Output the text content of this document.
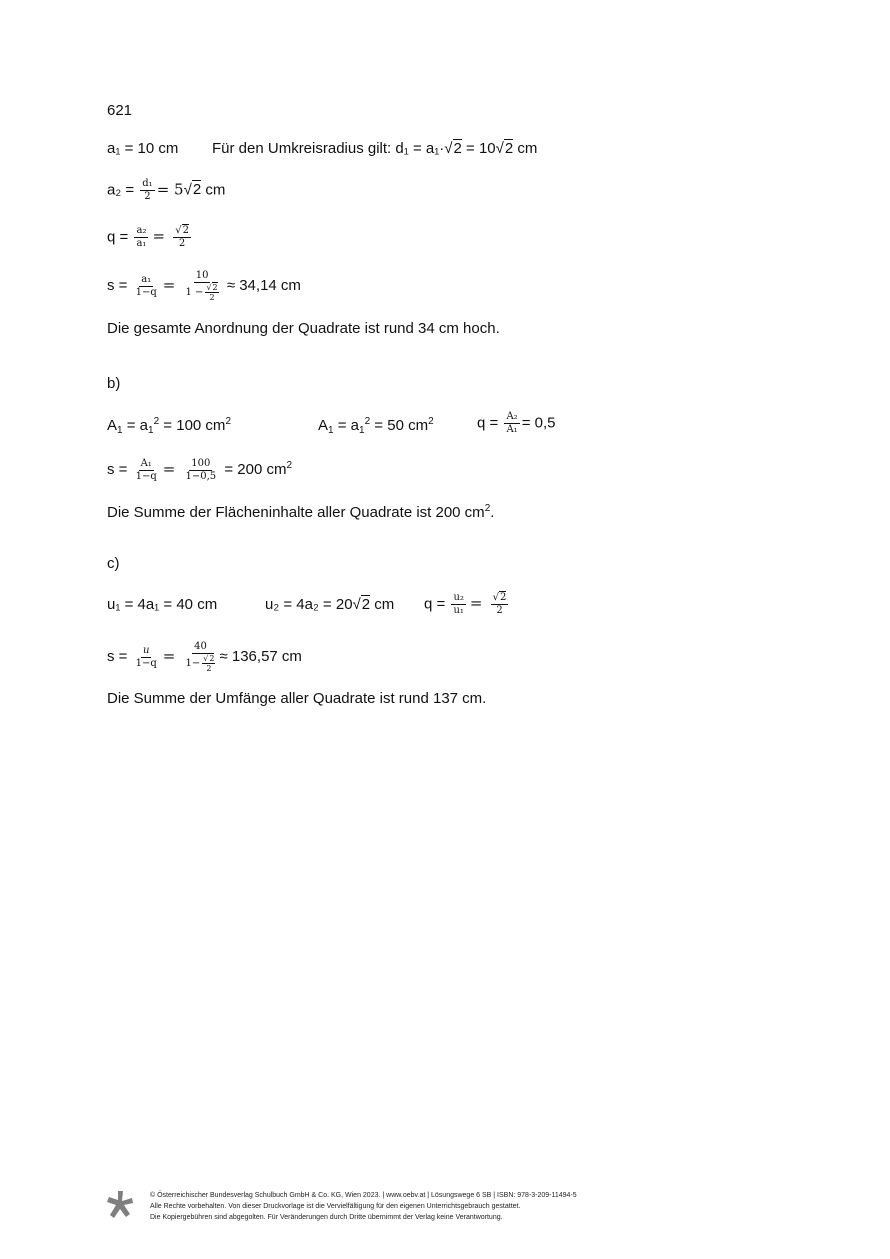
621
a₁ = 10 cm Für den Umkreisradius gilt: d₁ = a₁·√2 = 10√2 cm
$a_2 = \frac{\text{d₁}}{2} = 5√2$ cm
$q = \frac{\text{a₂}}{\text{a₁}} = \frac{√2}{2}$
$s = \frac{\text{a₁}}{1-q} = \frac{10}{1 - \frac{√2}{2}} \approx 34,14$ cm
Die gesamte Anordnung der Quadrate ist rund 34 cm hoch.
b)
$A_1 = a_1^2 = 100$ $cm^2$	$A_1 = a_1^2 = 50$ $cm^2$	$q = \frac{\text{A₂}}{\text{A₁}} = 0,5$
$s = \frac{\text{A₁}}{1-q} = \frac{100}{1-0,5} = 200$ $cm^2$
Die Summe der Flächeninhalte aller Quadrate ist 200 $cm^2$.
c)
u₁ = 4a₁ = 40 cm	u₂ = 4a₂ = 20√2 cm $q = \frac{\text{u₂}}{\text{u₁}} = \frac{√2}{2}$
$s = \frac{u}{1-q} = \frac{40}{1- \frac{√2}{2}} \approx 136,57$ cm
Die Summe der Umfänge aller Quadrate ist rund 137 cm.
© Österreichischer Bundesverlag Schulbuch GmbH & Co. KG, Wien 2023. | www.oebv.at | Lösungswege 6 SB | ISBN: 978-3-209-11494-5
Alle Rechte vorbehalten. Von dieser Druckvorlage ist die Vervielfältigung für den eigenen Unterrichtsgebrauch gestattet.
Die Kopiergebühren sind abgegolten. Für Veränderungen durch Dritte übernimmt der Verlag keine Verantwortung.
